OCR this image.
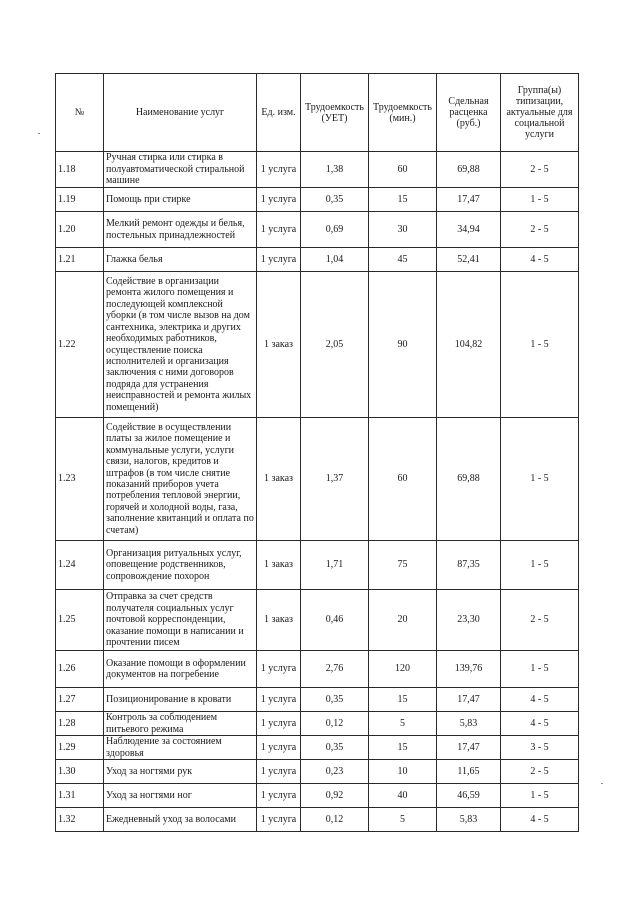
№	Наименование услуг	Ед. изм.	Трудоемкость (УЕТ)	Трудоемкость (мин.)	Сдельная расценка (руб.)	Группа(ы) типизации, актуальные для социальной услуги
1.18	Ручная стирка или стирка в полуавтоматической стиральной машине	1 услуга	1,38	60	69,88	2 - 5
1.19	Помощь при стирке	1 услуга	0,35	15	17,47	1 - 5
1.20	Мелкий ремонт одежды и белья, постельных принадлежностей	1 услуга	0,69	30	34,94	2 - 5
1.21	Глажка белья	1 услуга	1,04	45	52,41	4 - 5
1.22	Содействие в организации ремонта жилого помещения и последующей комплексной уборки (в том числе вызов на дом сантехника, электрика и других необходимых работников, осуществление поиска исполнителей и организация заключения с ними договоров подряда для устранения неисправностей и ремонта жилых помещений)	1 заказ	2,05	90	104,82	1 - 5
1.23	Содействие в осуществлении платы за жилое помещение и коммунальные услуги, услуги связи, налогов, кредитов и штрафов (в том числе снятие показаний приборов учета потребления тепловой энергии, горячей и холодной воды, газа, заполнение квитанций и оплата по счетам)	1 заказ	1,37	60	69,88	1 - 5
1.24	Организация ритуальных услуг, оповещение родственников, сопровождение похорон	1 заказ	1,71	75	87,35	1 - 5
1.25	Отправка за счет средств получателя социальных услуг почтовой корреспонденции, оказание помощи в написании и прочтении писем	1 заказ	0,46	20	23,30	2 - 5
1.26	Оказание помощи в оформлении документов на погребение	1 услуга	2,76	120	139,76	1 - 5
1.27	Позиционирование в кровати	1 услуга	0,35	15	17,47	4 - 5
1.28	Контроль за соблюдением питьевого режима	1 услуга	0,12	5	5,83	4 - 5
1.29	Наблюдение за состоянием здоровья	1 услуга	0,35	15	17,47	3 - 5
1.30	Уход за ногтями рук	1 услуга	0,23	10	11,65	2 - 5
1.31	Уход за ногтями ног	1 услуга	0,92	40	46,59	1 - 5
1.32	Ежедневный уход за волосами	1 услуга	0,12	5	5,83	4 - 5
